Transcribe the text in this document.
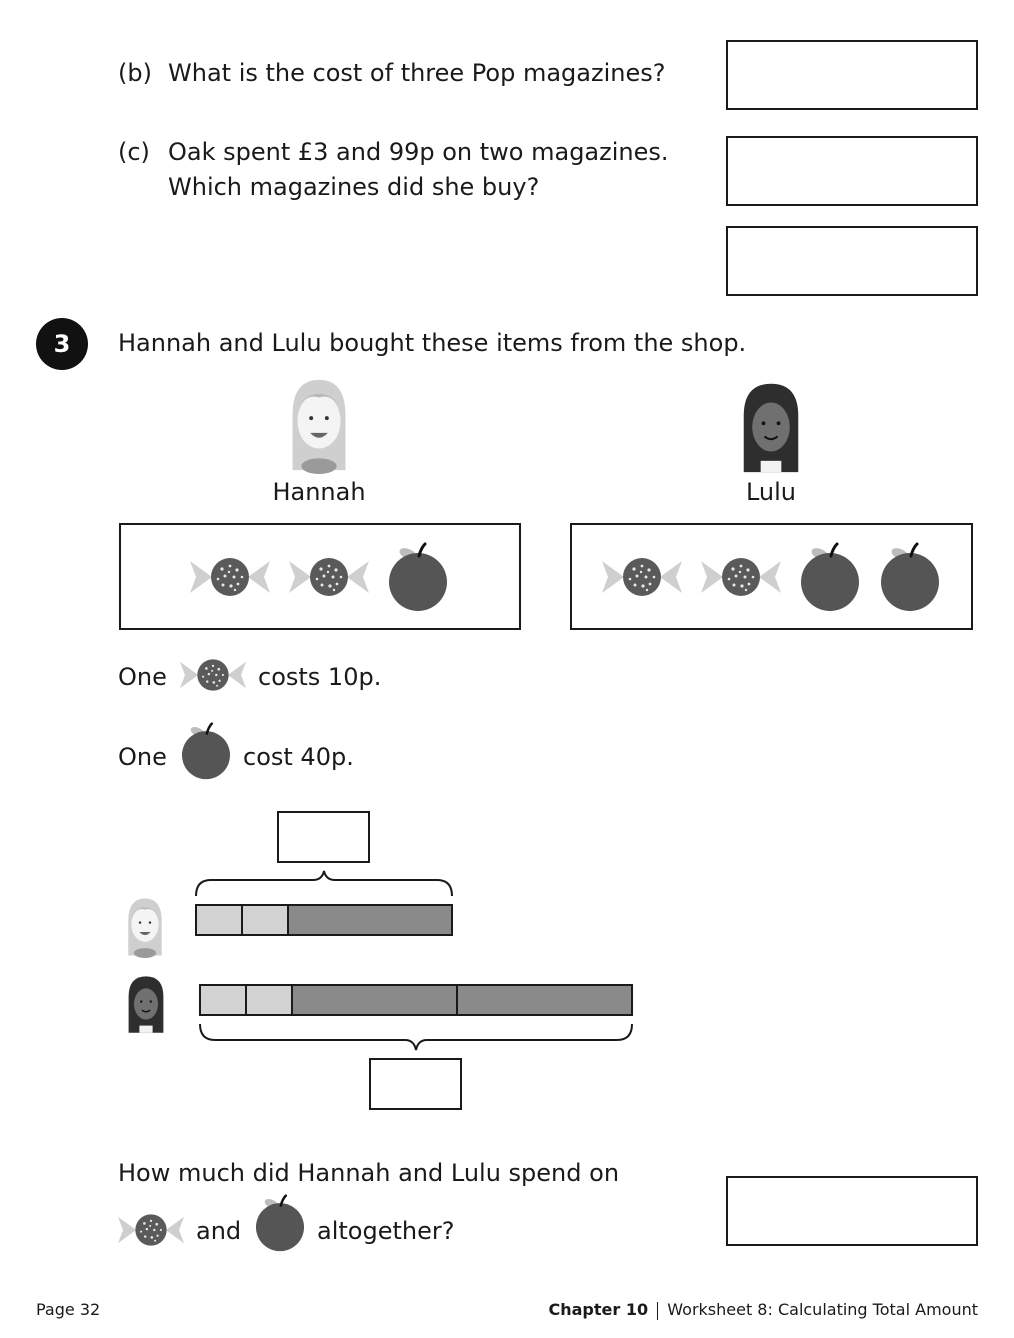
(b) What is the cost of three Pop magazines?
(c) Oak spent £3 and 99p on two magazines.
Which magazines did she buy?
3	Hannah and Lulu bought these items from the shop.
Hannah	Lulu
One	costs 10p.
One	cost 40p.
How much did Hannah and Lulu spend on
and	altogether?
Page 32	Chapter 10 Worksheet 8: Calculating Total Amount
